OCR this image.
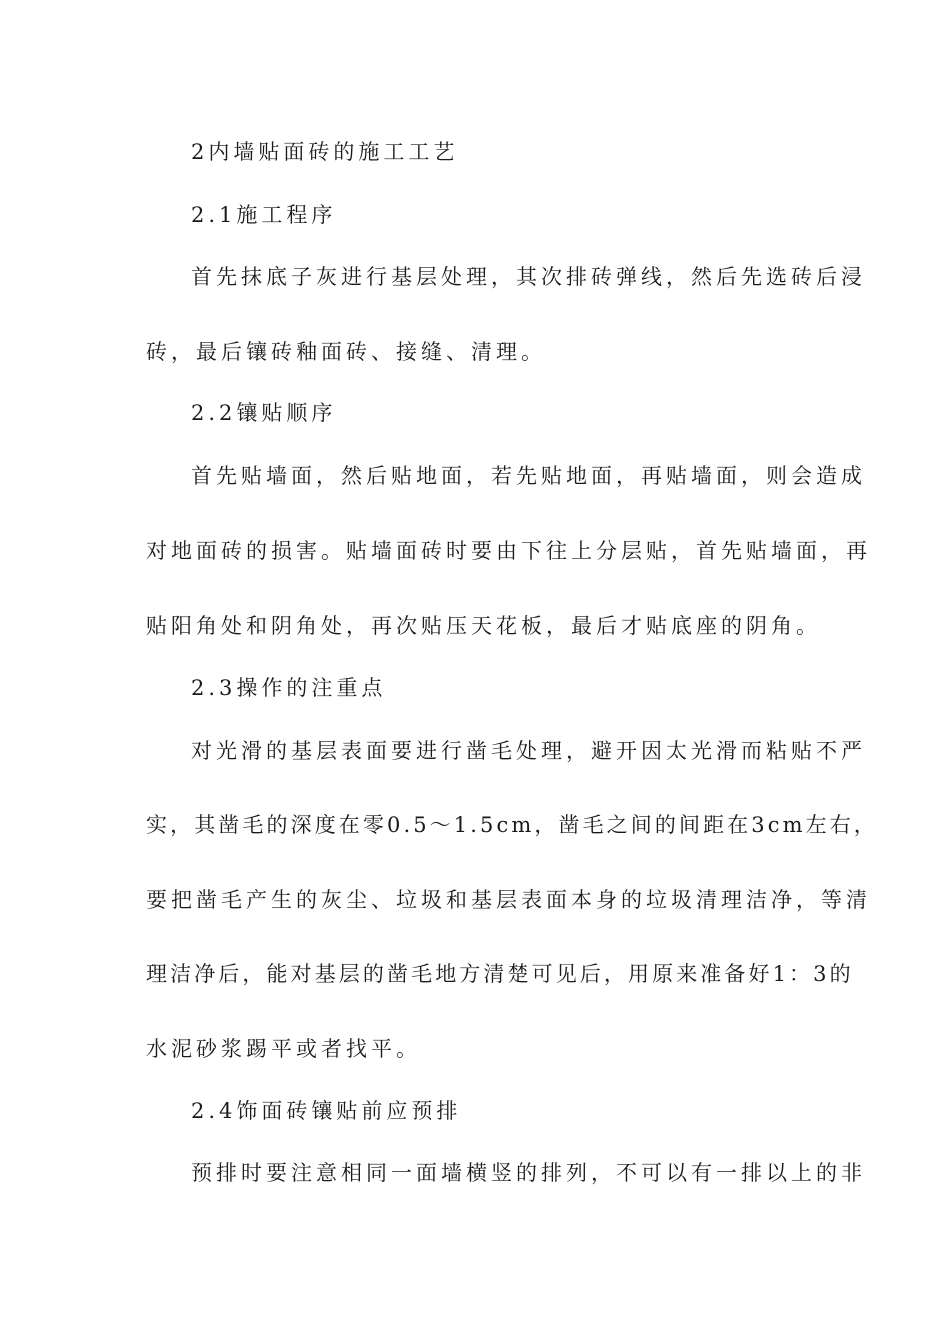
2内墙贴面砖的施工工艺
2.1施工程序
首先抹底子灰进行基层处理，其次排砖弹线，然后先选砖后浸
砖，最后镶砖釉面砖、接缝、清理。
2.2镶贴顺序
首先贴墙面，然后贴地面，若先贴地面，再贴墙面，则会造成
对地面砖的损害。贴墙面砖时要由下往上分层贴，首先贴墙面，再
贴阳角处和阴角处，再次贴压天花板，最后才贴底座的阴角。
2.3操作的注重点
对光滑的基层表面要进行凿毛处理，避开因太光滑而粘贴不严
实，其凿毛的深度在零0.5～1.5cm，凿毛之间的间距在3cm左右，
要把凿毛产生的灰尘、垃圾和基层表面本身的垃圾清理洁净，等清
理洁净后，能对基层的凿毛地方清楚可见后，用原来准备好1：3的
水泥砂浆踢平或者找平。
2.4饰面砖镶贴前应预排
预排时要注意相同一面墙横竖的排列，不可以有一排以上的非
